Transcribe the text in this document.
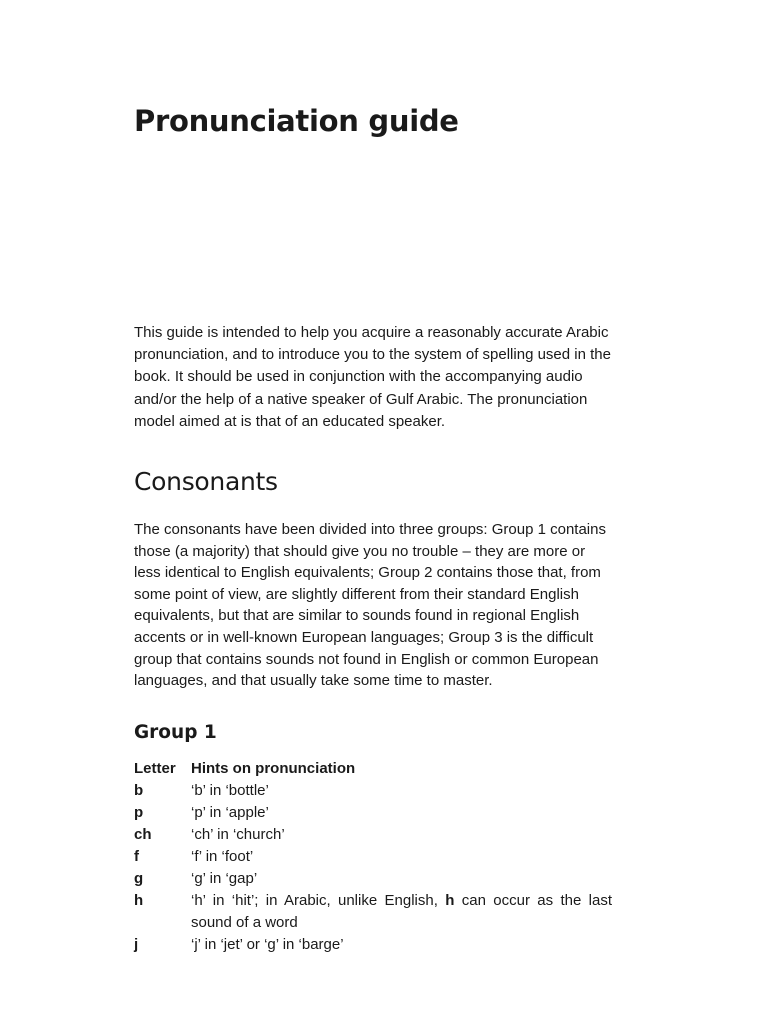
Pronunciation guide

This guide is intended to help you acquire a reasonably accurate Arabic pronunciation, and to introduce you to the system of spelling used in the book. It should be used in conjunction with the accompanying audio and/or the help of a native speaker of Gulf Arabic. The pronunciation model aimed at is that of an educated speaker.

Consonants

The consonants have been divided into three groups: Group 1 contains those (a majority) that should give you no trouble – they are more or less identical to English equivalents; Group 2 contains those that, from some point of view, are slightly different from their standard English equivalents, but that are similar to sounds found in regional English accents or in well-known European languages; Group 3 is the difficult group that contains sounds not found in English or common European languages, and that usually take some time to master.

Group 1
Letter	Hints on pronunciation
b	‘b’ in ‘bottle’
p	‘p’ in ‘apple’
ch	‘ch’ in ‘church’
f	‘f’ in ‘foot’
g	‘g’ in ‘gap’
h	‘h’ in ‘hit’; in Arabic, unlike English, h can occur as the last sound of a word
j	‘j’ in ‘jet’ or ‘g’ in ‘barge’
